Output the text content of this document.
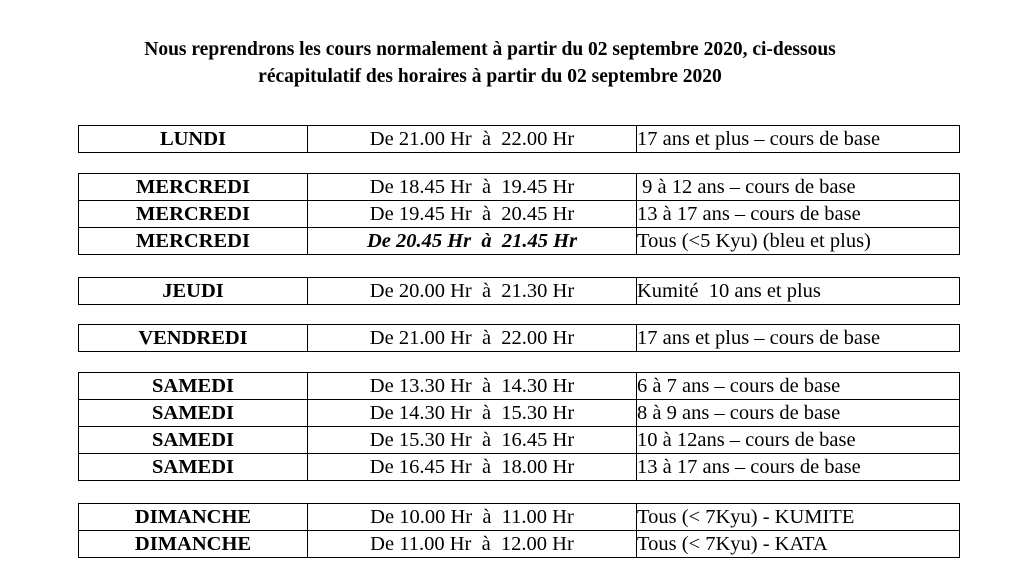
Nous reprendrons les cours normalement à partir du 02 septembre 2020, ci-dessous
récapitulatif des horaires à partir du 02 septembre 2020
LUNDI	De 21.00 Hr  à  22.00 Hr	17 ans et plus – cours de base
MERCREDI	De 18.45 Hr  à  19.45 Hr	9 à 12 ans – cours de base
MERCREDI	De 19.45 Hr  à  20.45 Hr	13 à 17 ans – cours de base
MERCREDI	De 20.45 Hr  à  21.45 Hr	Tous (<5 Kyu) (bleu et plus)
JEUDI	De 20.00 Hr  à  21.30 Hr	Kumité  10 ans et plus
VENDREDI	De 21.00 Hr  à  22.00 Hr	17 ans et plus – cours de base
SAMEDI	De 13.30 Hr  à  14.30 Hr	6 à 7 ans – cours de base
SAMEDI	De 14.30 Hr  à  15.30 Hr	8 à 9 ans – cours de base
SAMEDI	De 15.30 Hr  à  16.45 Hr	10 à 12ans – cours de base
SAMEDI	De 16.45 Hr  à  18.00 Hr	13 à 17 ans – cours de base
DIMANCHE	De 10.00 Hr  à  11.00 Hr	Tous (< 7Kyu) - KUMITE
DIMANCHE	De 11.00 Hr  à  12.00 Hr	Tous (< 7Kyu) - KATA
